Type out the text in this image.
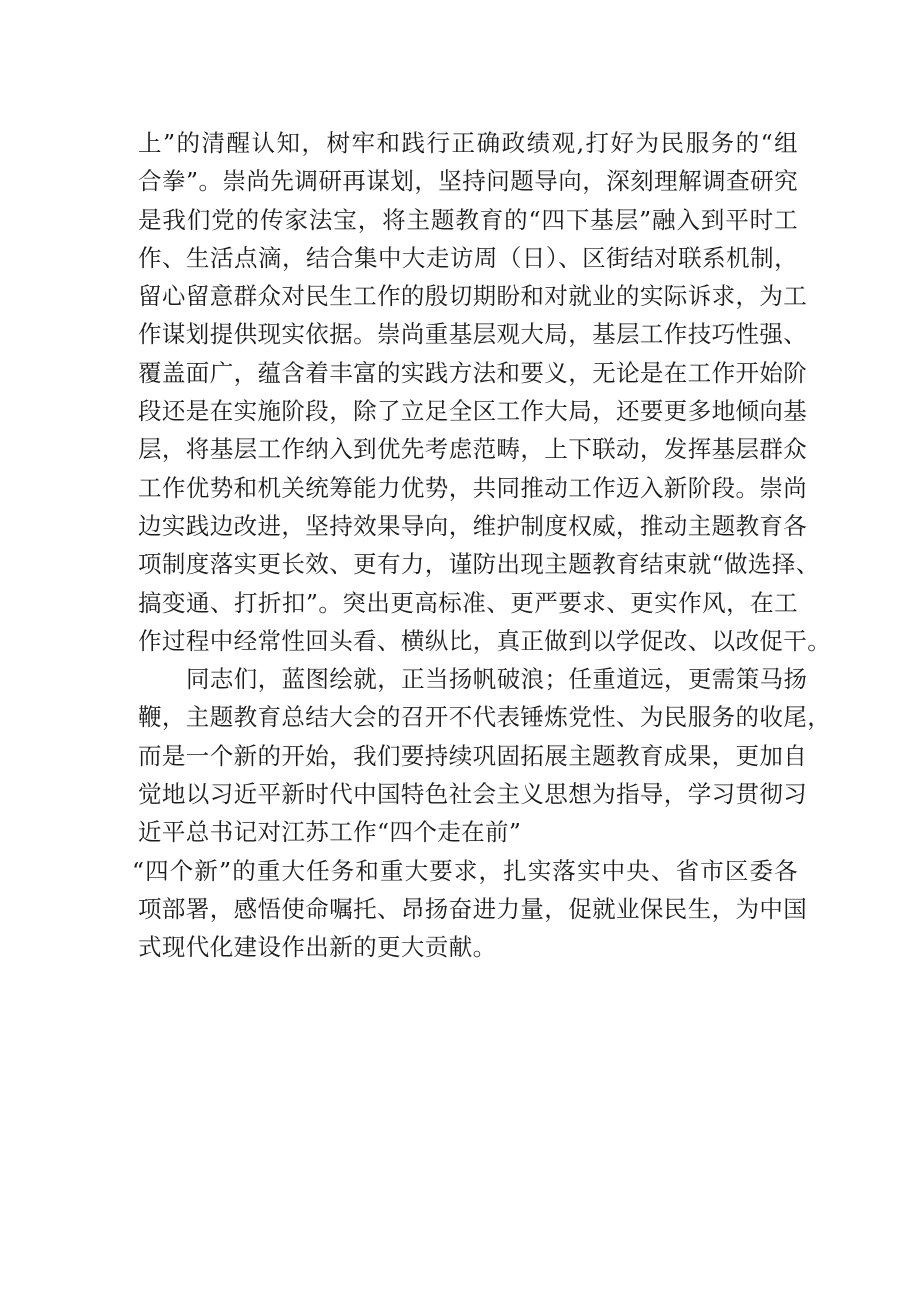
上”的清醒认知，树牢和践行正确政绩观,打好为民服务的“组
合拳”。崇尚先调研再谋划，坚持问题导向，深刻理解调查研究
是我们党的传家法宝，将主题教育的“四下基层”融入到平时工
作、生活点滴，结合集中大走访周（日）、区街结对联系机制，
留心留意群众对民生工作的殷切期盼和对就业的实际诉求，为工
作谋划提供现实依据。崇尚重基层观大局，基层工作技巧性强、
覆盖面广，蕴含着丰富的实践方法和要义，无论是在工作开始阶
段还是在实施阶段，除了立足全区工作大局，还要更多地倾向基
层，将基层工作纳入到优先考虑范畴，上下联动，发挥基层群众
工作优势和机关统筹能力优势，共同推动工作迈入新阶段。崇尚
边实践边改进，坚持效果导向，维护制度权威，推动主题教育各
项制度落实更长效、更有力，谨防出现主题教育结束就“做选择、
搞变通、打折扣”。突出更高标准、更严要求、更实作风，在工
作过程中经常性回头看、横纵比，真正做到以学促改、以改促干。
同志们，蓝图绘就，正当扬帆破浪；任重道远，更需策马扬
鞭，主题教育总结大会的召开不代表锤炼党性、为民服务的收尾，
而是一个新的开始，我们要持续巩固拓展主题教育成果，更加自
觉地以习近平新时代中国特色社会主义思想为指导，学习贯彻习
近平总书记对江苏工作“四个走在前”
“四个新”的重大任务和重大要求，扎实落实中央、省市区委各
项部署，感悟使命嘱托、昂扬奋进力量，促就业保民生，为中国
式现代化建设作出新的更大贡献。
